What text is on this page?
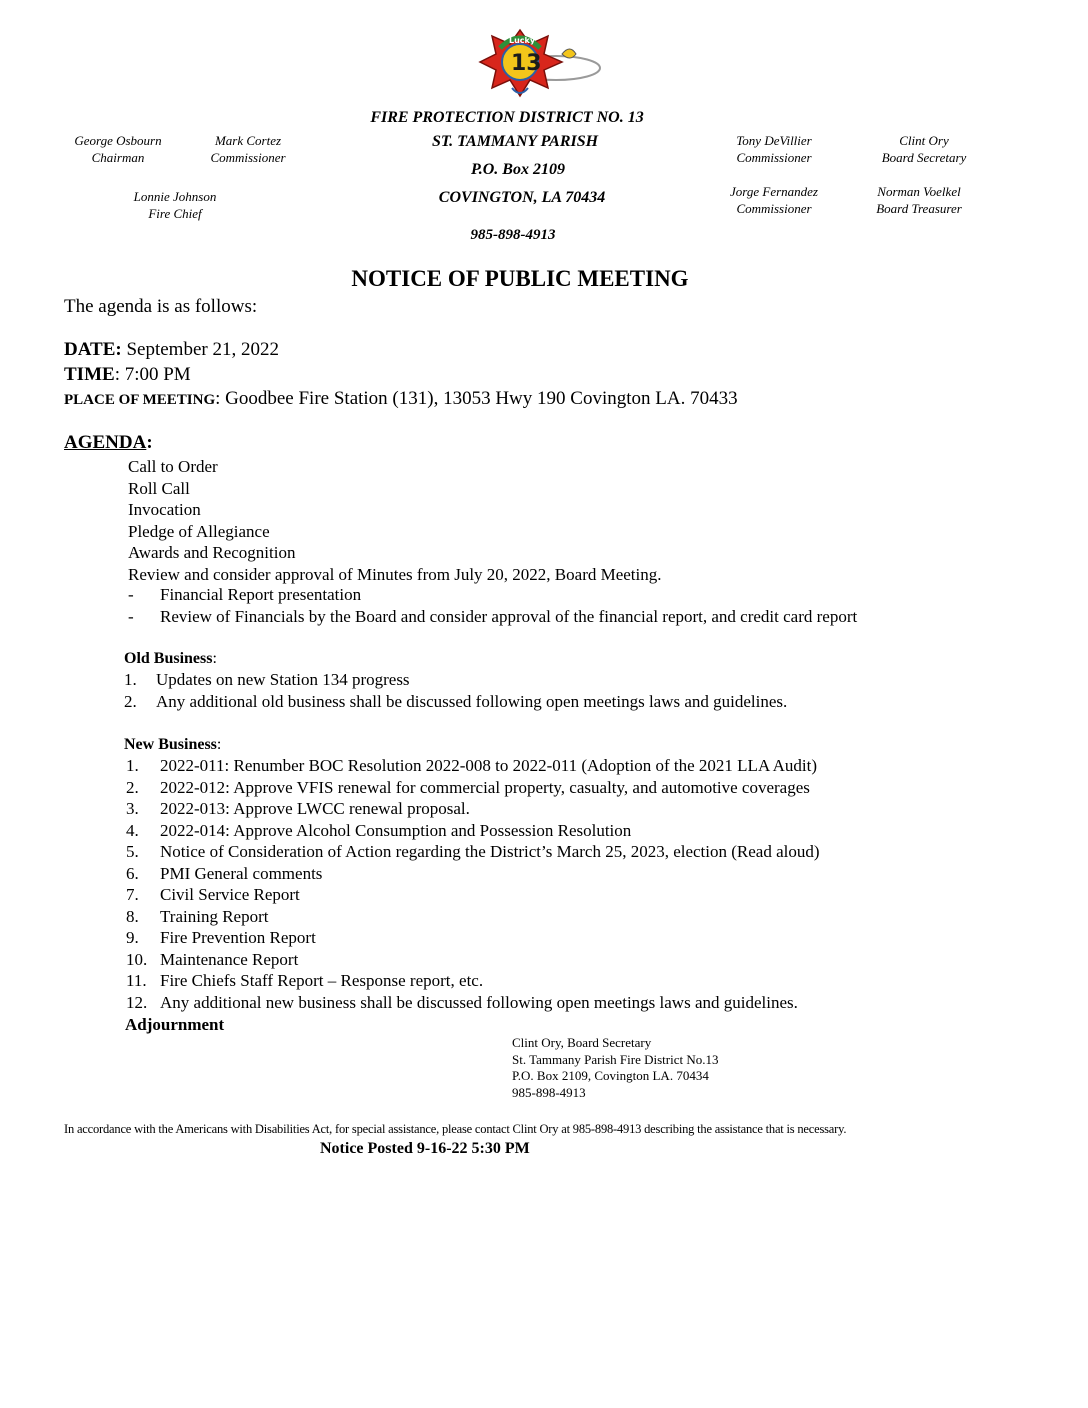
13
Lucky
FIRE PROTECTION DISTRICT NO. 13
ST. TAMMANY PARISH
P.O. Box 2109
COVINGTON, LA 70434
985-898-4913
George Osbourn
Chairman
Mark Cortez
Commissioner
Lonnie Johnson
Fire Chief
Tony DeVillier
Commissioner
Clint Ory
Board Secretary
Jorge Fernandez
Commissioner
Norman Voelkel
Board Treasurer
NOTICE OF PUBLIC MEETING
The agenda is as follows:
DATE: September 21, 2022
TIME: 7:00 PM
PLACE OF MEETING: Goodbee Fire Station (131), 13053 Hwy 190 Covington LA. 70433
AGENDA:
Call to Order
Roll Call
Invocation
Pledge of Allegiance
Awards and Recognition
Review and consider approval of Minutes from July 20, 2022, Board Meeting.
- Financial Report presentation
- Review of Financials by the Board and consider approval of the financial report, and credit card report
Old Business:
1. Updates on new Station 134 progress
2. Any additional old business shall be discussed following open meetings laws and guidelines.
New Business:
1. 2022-011: Renumber BOC Resolution 2022-008 to 2022-011 (Adoption of the 2021 LLA Audit)
2. 2022-012: Approve VFIS renewal for commercial property, casualty, and automotive coverages
3. 2022-013: Approve LWCC renewal proposal.
4. 2022-014: Approve Alcohol Consumption and Possession Resolution
5. Notice of Consideration of Action regarding the District’s March 25, 2023, election (Read aloud)
6. PMI General comments
7. Civil Service Report
8. Training Report
9. Fire Prevention Report
10. Maintenance Report
11. Fire Chiefs Staff Report – Response report, etc.
12. Any additional new business shall be discussed following open meetings laws and guidelines.
Adjournment
Clint Ory, Board Secretary
St. Tammany Parish Fire District No.13
P.O. Box 2109, Covington LA. 70434
985-898-4913
In accordance with the Americans with Disabilities Act, for special assistance, please contact Clint Ory at 985-898-4913 describing the assistance that is necessary.
Notice Posted 9-16-22 5:30 PM
